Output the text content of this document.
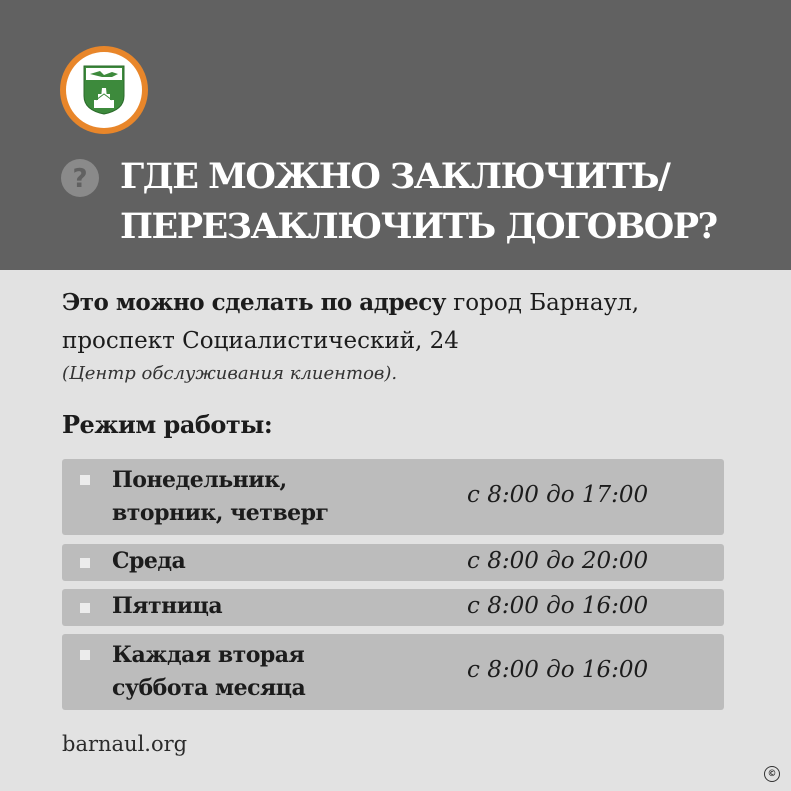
? ГДЕ МОЖНО ЗАКЛЮЧИТЬ/
ПЕРЕЗАКЛЮЧИТЬ ДОГОВОР?
Это можно сделать по адресу город Барнаул, проспект Социалистический, 24
(Центр обслуживания клиентов).
Режим работы:
Понедельник,
вторник, четверг
с 8:00 до 17:00
Среда	с 8:00 до 20:00
Пятница	с 8:00 до 16:00
Каждая вторая
суббота месяца
с 8:00 до 16:00
barnaul.org
©
